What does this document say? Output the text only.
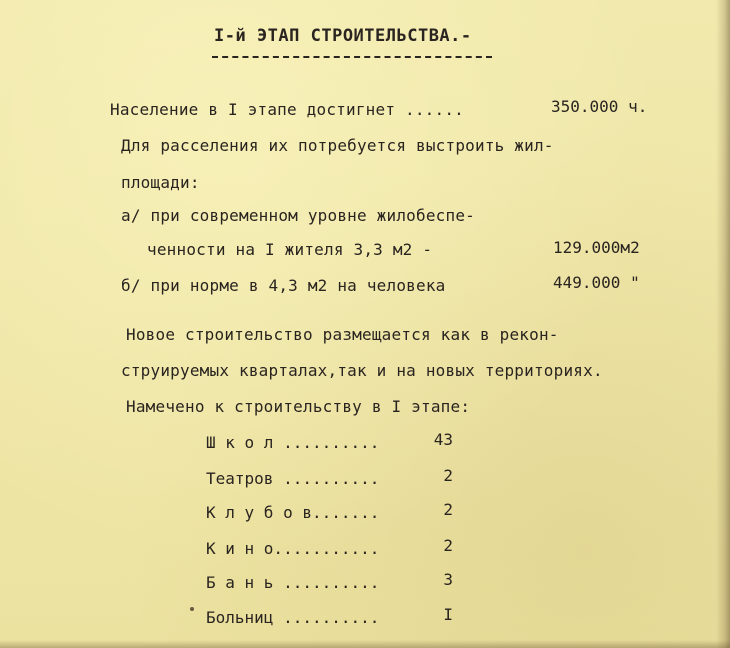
I-й ЭТАП СТРОИТЕЛЬСТВА.-
Население в I этапе достигнет ......	350.000 ч.
Для расселения их потребуется выстроить жил-
площади:
а/ при современном уровне жилобеспе-
ченности на I жителя 3,3 м2 -	129.000м2
б/ при норме в 4,3 м2 на человека	449.000 "
Новое строительство размещается как в рекон-
струируемых кварталах,так и на новых территориях.
Намечено к строительству в I этапе:
Ш к о л ..........	43
Театров ..........	2
К л у б о в.......	2
К и н о...........	2
Б а н ь ..........	3
Больниц ..........	I
